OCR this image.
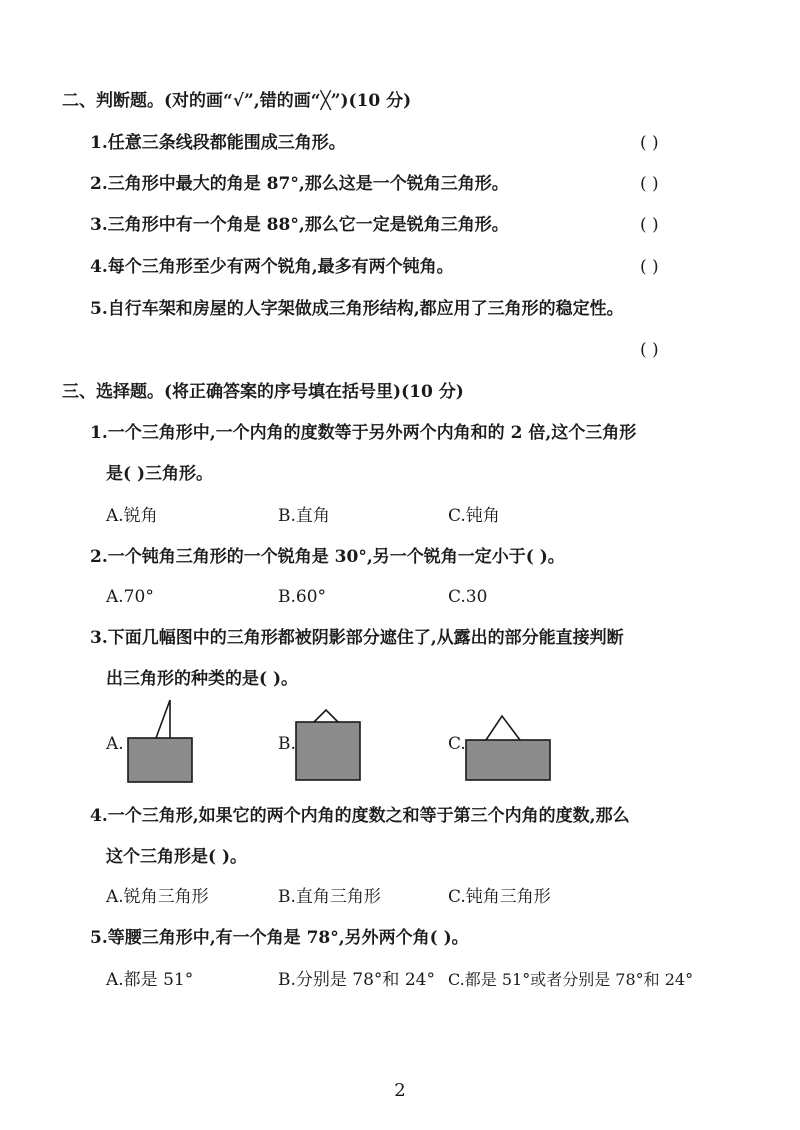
二、判断题。(对的画“√”,错的画“╳”)(10 分)
1.任意三条线段都能围成三角形。	( )
2.三角形中最大的角是 87°,那么这是一个锐角三角形。	( )
3.三角形中有一个角是 88°,那么它一定是锐角三角形。	( )
4.每个三角形至少有两个锐角,最多有两个钝角。	( )
5.自行车架和房屋的人字架做成三角形结构,都应用了三角形的稳定性。
( )
三、选择题。(将正确答案的序号填在括号里)(10 分)
1.一个三角形中,一个内角的度数等于另外两个内角和的 2 倍,这个三角形
是( )三角形。
A.锐角	B.直角	C.钝角
2.一个钝角三角形的一个锐角是 30°,另一个锐角一定小于( )。
A.70°	B.60°	C.30
3.下面几幅图中的三角形都被阴影部分遮住了,从露出的部分能直接判断
出三角形的种类的是( )。
A.	B.	C.
4.一个三角形,如果它的两个内角的度数之和等于第三个内角的度数,那么
这个三角形是( )。
A.锐角三角形	B.直角三角形	C.钝角三角形
5.等腰三角形中,有一个角是 78°,另外两个角( )。
A.都是 51°	B.分别是 78°和 24° C.都是 51°或者分别是 78°和 24°
2
